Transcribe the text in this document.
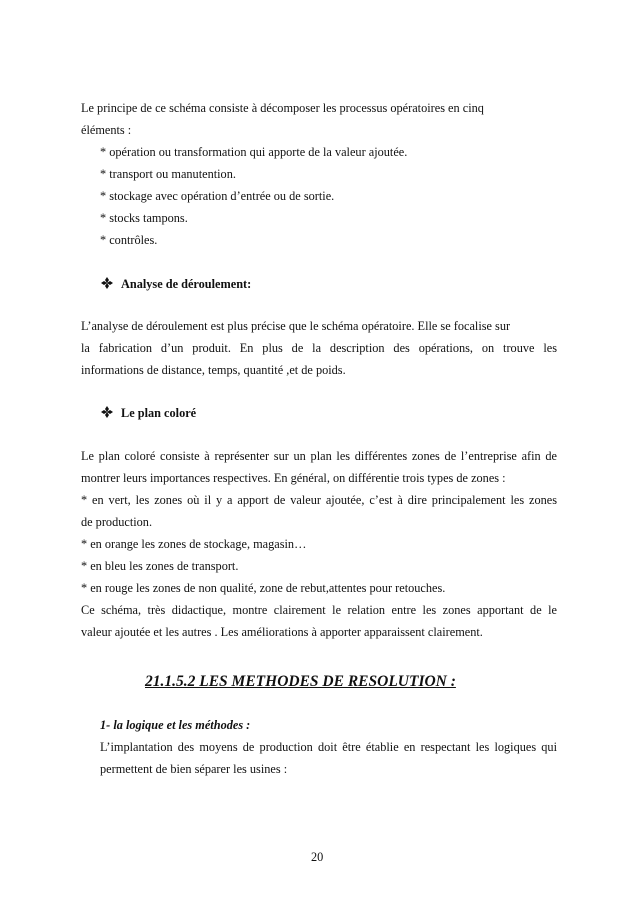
Le principe de ce schéma consiste à décomposer les processus opératoires en cinq
éléments :
* opération ou transformation qui apporte de la valeur ajoutée.
* transport ou manutention.
* stockage avec opération d’entrée ou de sortie.
* stocks tampons.
* contrôles.
Analyse de déroulement:
L’analyse de déroulement est plus précise que le schéma opératoire. Elle se focalise sur
la fabrication d’un produit. En plus de la description des opérations, on trouve les
informations de distance, temps, quantité ,et de poids.
Le plan coloré
Le plan coloré consiste à représenter sur un plan les différentes zones de l’entreprise afin de
montrer leurs importances respectives. En général, on différentie trois types de zones :
* en vert, les zones où il y a apport de valeur ajoutée, c’est à dire principalement les zones
de production.
* en orange les zones de stockage, magasin…
* en bleu les zones de transport.
* en rouge les zones de non qualité, zone de rebut,attentes pour retouches.
Ce schéma, très didactique, montre clairement le relation entre les zones apportant de le
valeur ajoutée et les autres . Les améliorations à apporter apparaissent clairement.
21.1.5.2 LES METHODES DE RESOLUTION :
1- la logique et les méthodes :
L’implantation des moyens de production doit être établie en respectant les logiques qui
permettent de bien séparer les usines :
20
